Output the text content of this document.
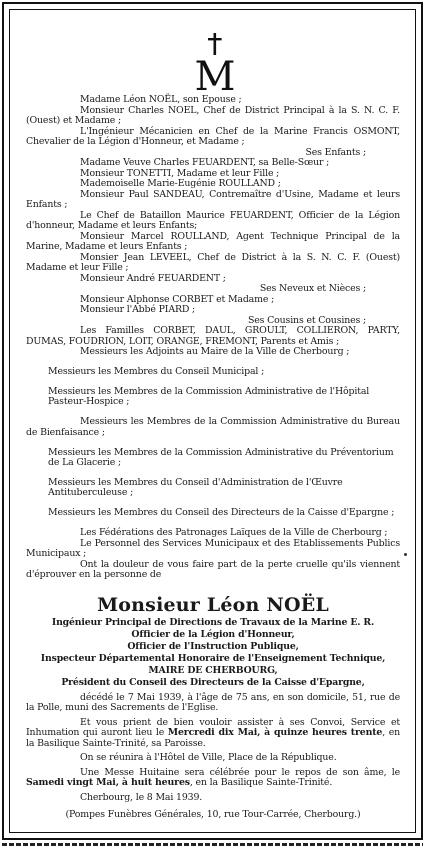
M

Madame Léon NOËL, son Epouse ;

Monsieur Charles NOEL, Chef de District Principal à la S. N. C. F. (Ouest) et Madame ;

L'Ingénieur Mécanicien en Chef de la Marine Francis OSMONT, Chevalier de la Légion d'Honneur, et Madame ;

Ses Enfants ;

Madame Veuve Charles FEUARDENT, sa Belle-Sœur ;

Monsieur TONETTI, Madame et leur Fille ;

Mademoiselle Marie-Eugénie ROULLAND ;

Monsieur Paul SANDEAU, Contremaître d'Usine, Madame et leurs Enfants ;

Le Chef de Bataillon Maurice FEUARDENT, Officier de la Légion d'honneur, Madame et leurs Enfants;

Monsieur Marcel ROULLAND, Agent Technique Principal de la Marine, Madame et leurs Enfants ;

Monsier Jean LEVEEL, Chef de District à la S. N. C. F. (Ouest) Madame et leur Fille ;

Monsieur André FEUARDENT ;

Ses Neveux et Nièces ;

Monsieur Alphonse CORBET et Madame ;

Monsieur l'Abbé PIARD ;

Ses Cousins et Cousines ;

Les Familles CORBET, DAUL, GROULT, COLLIERON, PARTY, DUMAS, FOUDRION, LOIT, ORANGE, FREMONT, Parents et Amis ;

Messieurs les Adjoints au Maire de la Ville de Cherbourg ;

Messieurs les Membres du Conseil Municipal ;

Messieurs les Membres de la Commission Administrative de l'Hôpital Pasteur-Hospice ;

Messieurs les Membres de la Commission Administrative du Bureau de Bienfaisance ;

Messieurs les Membres de la Commission Administrative du Préventorium de La Glacerie ;

Messieurs les Membres du Conseil d'Administration de l'Œuvre Antituberculeuse ;

Messieurs les Membres du Conseil des Directeurs de la Caisse d'Epargne ;

Les Fédérations des Patronages Laïques de la Ville de Cherbourg ;

Le Personnel des Services Municipaux et des Etablissements Publics Municipaux ;

Ont la douleur de vous faire part de la perte cruelle qu'ils viennent d'éprouver en la personne de

Monsieur Léon NOËL

Ingénieur Principal de Directions de Travaux de la Marine E. R.

Officier de la Légion d'Honneur,

Officier de l'Instruction Publique,

Inspecteur Départemental Honoraire de l'Enseignement Technique,

MAIRE DE CHERBOURG,

Président du Conseil des Directeurs de la Caisse d'Epargne,

décédé le 7 Mai 1939, à l'âge de 75 ans, en son domicile, 51, rue de la Polle, muni des Sacrements de l'Eglise.

Et vous prient de bien vouloir assister à ses Convoi, Service et Inhumation qui auront lieu le Mercredi dix Mai, à quinze heures trente, en la Basilique Sainte-Trinité, sa Paroisse.

On se réunira à l'Hôtel de Ville, Place de la République.

Une Messe Huitaine sera célébrée pour le repos de son âme, le Samedi vingt Mai, à huit heures, en la Basilique Sainte-Trinité.

Cherbourg, le 8 Mai 1939.

(Pompes Funèbres Générales, 10, rue Tour-Carrée, Cherbourg.)
